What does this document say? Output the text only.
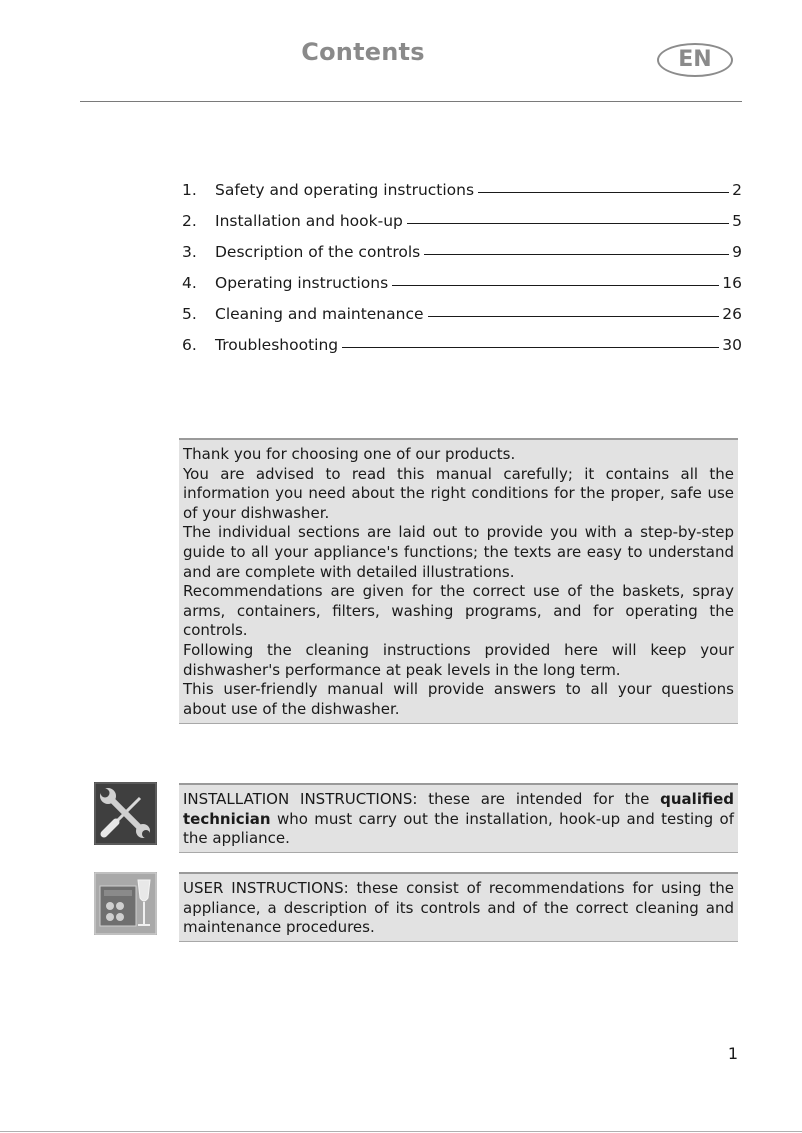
Contents	EN
1.	Safety and operating instructions	2
2.	Installation and hook-up	5
3.	Description of the controls	9
4.	Operating instructions	16
5.	Cleaning and maintenance	26
6.	Troubleshooting	30

Thank you for choosing one of our products.

You are advised to read this manual carefully; it contains all the information you need about the right conditions for the proper, safe use of your dishwasher.

The individual sections are laid out to provide you with a step-by-step guide to all your appliance's functions; the texts are easy to understand and are complete with detailed illustrations.

Recommendations are given for the correct use of the baskets, spray arms, containers, filters, washing programs, and for operating the controls.

Following the cleaning instructions provided here will keep your dishwasher's performance at peak levels in the long term.

This user-friendly manual will provide answers to all your questions about use of the dishwasher.

INSTALLATION INSTRUCTIONS: these are intended for the qualified technician who must carry out the installation, hook-up and testing of the appliance.

USER INSTRUCTIONS: these consist of recommendations for using the appliance, a description of its controls and of the correct cleaning and maintenance procedures.

1
